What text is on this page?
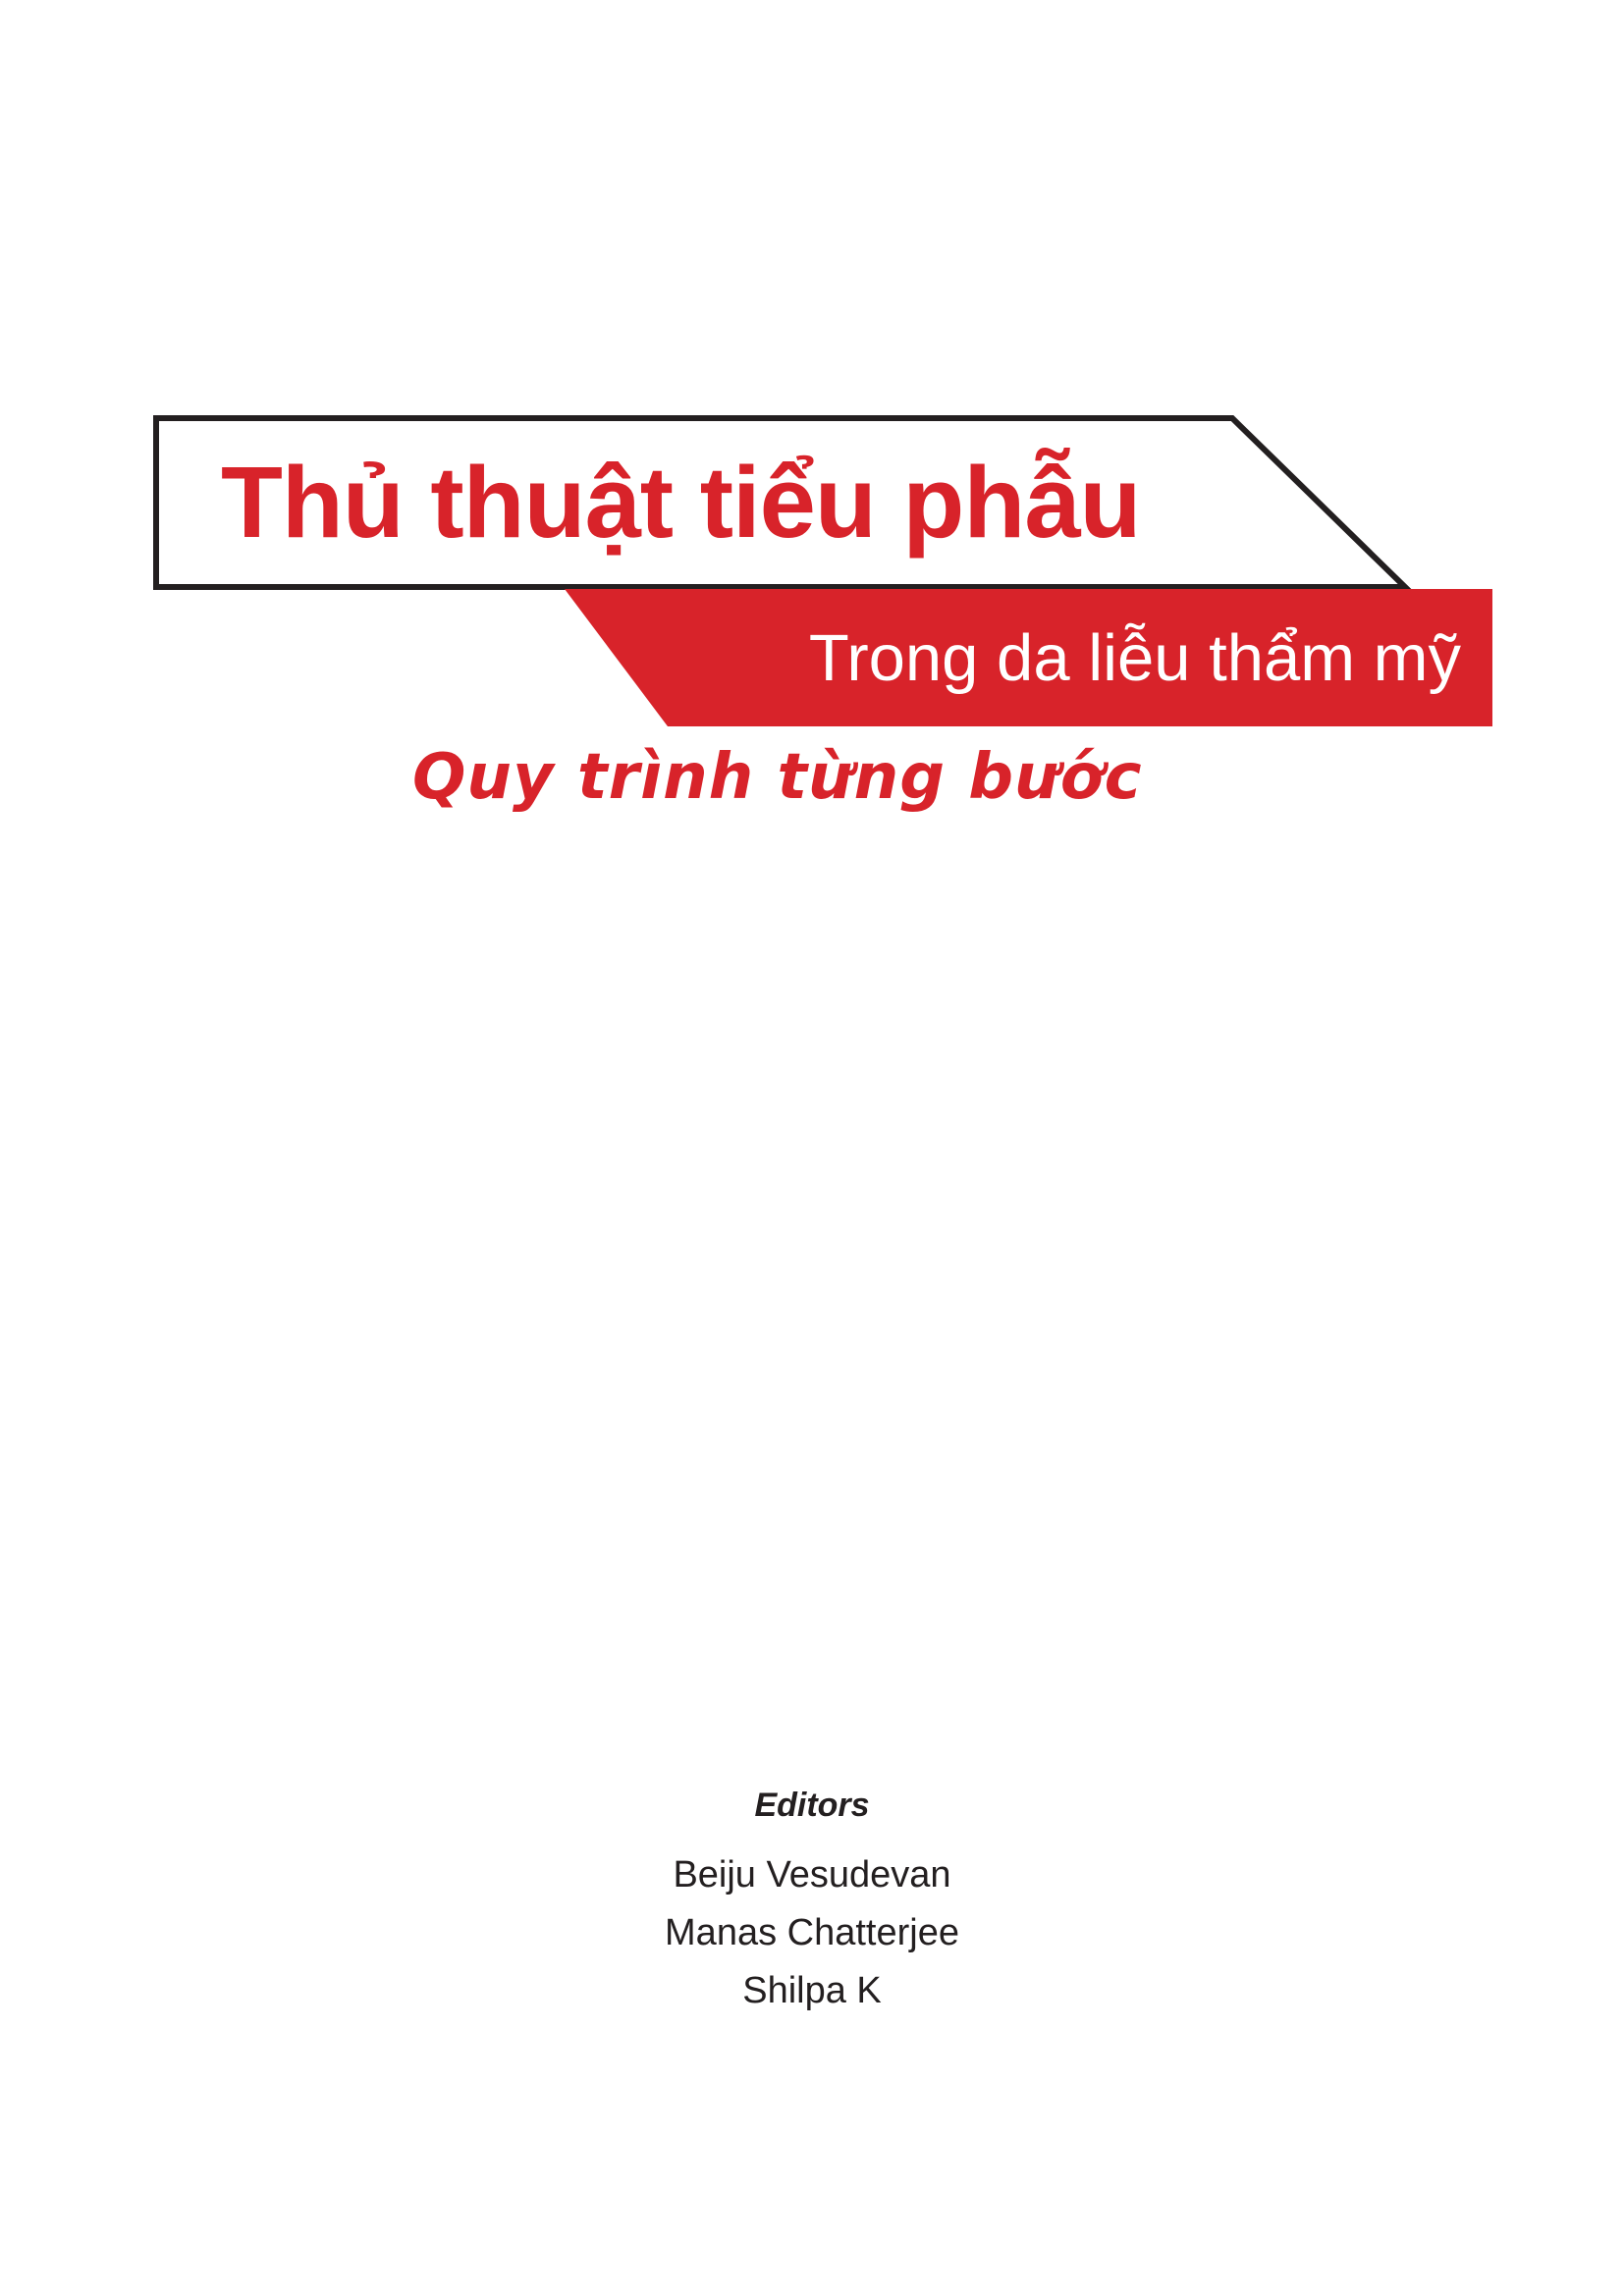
Thủ thuật tiểu phẫu
Trong da liễu thẩm mỹ
Quy trình từng bước
Editors
Beiju Vesudevan
Manas Chatterjee
Shilpa K
